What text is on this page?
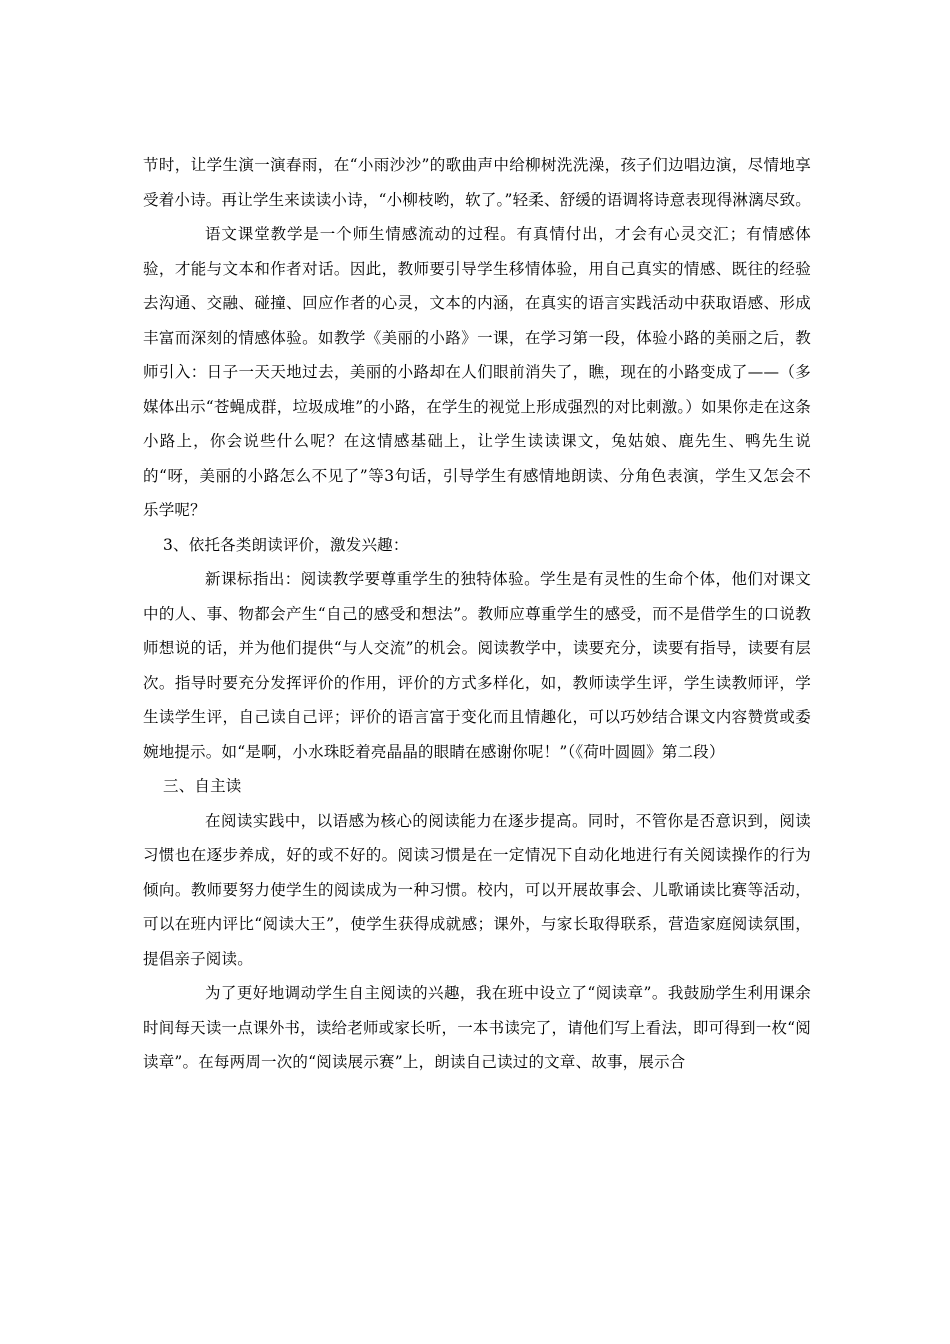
节时，让学生演一演春雨，在“小雨沙沙”的歌曲声中给柳树洗洗澡，孩子们边唱边演，尽情地享受着小诗。再让学生来读读小诗，“小柳枝哟，软了。”轻柔、舒缓的语调将诗意表现得淋漓尽致。

语文课堂教学是一个师生情感流动的过程。有真情付出，才会有心灵交汇；有情感体验，才能与文本和作者对话。因此，教师要引导学生移情体验，用自己真实的情感、既往的经验去沟通、交融、碰撞、回应作者的心灵，文本的内涵，在真实的语言实践活动中获取语感、形成丰富而深刻的情感体验。如教学《美丽的小路》一课，在学习第一段，体验小路的美丽之后，教师引入：日子一天天地过去，美丽的小路却在人们眼前消失了，瞧，现在的小路变成了——（多媒体出示“苍蝇成群，垃圾成堆”的小路，在学生的视觉上形成强烈的对比刺激。）如果你走在这条小路上，你会说些什么呢？在这情感基础上，让学生读读课文，兔姑娘、鹿先生、鸭先生说的“呀，美丽的小路怎么不见了”等3句话，引导学生有感情地朗读、分角色表演，学生又怎会不乐学呢？

3、依托各类朗读评价，激发兴趣：

新课标指出：阅读教学要尊重学生的独特体验。学生是有灵性的生命个体，他们对课文中的人、事、物都会产生“自己的感受和想法”。教师应尊重学生的感受，而不是借学生的口说教师想说的话，并为他们提供“与人交流”的机会。阅读教学中，读要充分，读要有指导，读要有层次。指导时要充分发挥评价的作用，评价的方式多样化，如，教师读学生评，学生读教师评，学生读学生评，自己读自己评；评价的语言富于变化而且情趣化，可以巧妙结合课文内容赞赏或委婉地提示。如“是啊，小水珠眨着亮晶晶的眼睛在感谢你呢！”（《荷叶圆圆》第二段）

三、自主读

在阅读实践中，以语感为核心的阅读能力在逐步提高。同时，不管你是否意识到，阅读习惯也在逐步养成，好的或不好的。阅读习惯是在一定情况下自动化地进行有关阅读操作的行为倾向。教师要努力使学生的阅读成为一种习惯。校内，可以开展故事会、儿歌诵读比赛等活动，可以在班内评比“阅读大王”，使学生获得成就感；课外，与家长取得联系，营造家庭阅读氛围，提倡亲子阅读。

为了更好地调动学生自主阅读的兴趣，我在班中设立了“阅读章”。我鼓励学生利用课余时间每天读一点课外书，读给老师或家长听，一本书读完了，请他们写上看法，即可得到一枚“阅读章”。在每两周一次的“阅读展示赛”上，朗读自己读过的文章、故事，展示合
